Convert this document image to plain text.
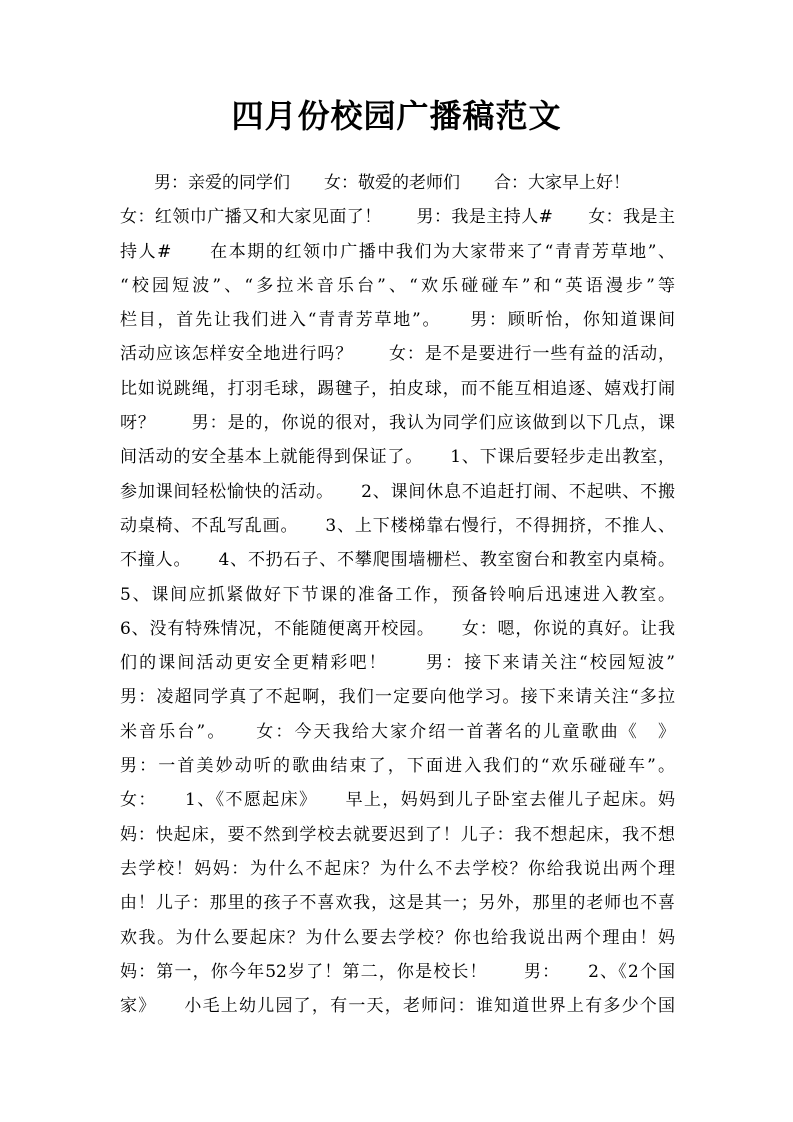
四月份校园广播稿范文
　　男：亲爱的同学们　　女：敬爱的老师们　　合：大家早上好！
女：红领巾广播又和大家见面了！　　男：我是主持人#　　女：我是主
持人#　　在本期的红领巾广播中我们为大家带来了“青青芳草地”、
“校园短波”、“多拉米音乐台”、“欢乐碰碰车”和“英语漫步”等
栏目，首先让我们进入“青青芳草地”。　　男：顾昕怡，你知道课间
活动应该怎样安全地进行吗？　　女：是不是要进行一些有益的活动，
比如说跳绳，打羽毛球，踢毽子，拍皮球，而不能互相追逐、嬉戏打闹
呀？　　男：是的，你说的很对，我认为同学们应该做到以下几点，课
间活动的安全基本上就能得到保证了。　　1、下课后要轻步走出教室，
参加课间轻松愉快的活动。　　2、课间休息不追赶打闹、不起哄、不搬
动桌椅、不乱写乱画。　　3、上下楼梯靠右慢行，不得拥挤，不推人、
不撞人。　　4、不扔石子、不攀爬围墙栅栏、教室窗台和教室内桌椅。
5、课间应抓紧做好下节课的准备工作，预备铃响后迅速进入教室。
6、没有特殊情况，不能随便离开校园。　　女：嗯，你说的真好。让我
们的课间活动更安全更精彩吧！　　男：接下来请关注“校园短波”
男：凌超同学真了不起啊，我们一定要向他学习。接下来请关注“多拉
米音乐台”。　　女：今天我给大家介绍一首著名的儿童歌曲《　》
男：一首美妙动听的歌曲结束了，下面进入我们的“欢乐碰碰车”。
女：　　1、《不愿起床》　　早上，妈妈到儿子卧室去催儿子起床。妈
妈：快起床，要不然到学校去就要迟到了！儿子：我不想起床，我不想
去学校！妈妈：为什么不起床？为什么不去学校？你给我说出两个理
由！儿子：那里的孩子不喜欢我，这是其一；另外，那里的老师也不喜
欢我。为什么要起床？为什么要去学校？你也给我说出两个理由！妈
妈：第一，你今年52岁了！第二，你是校长！　　男：　　2、《2个国
家》　　小毛上幼儿园了，有一天，老师问：谁知道世界上有多少个国
